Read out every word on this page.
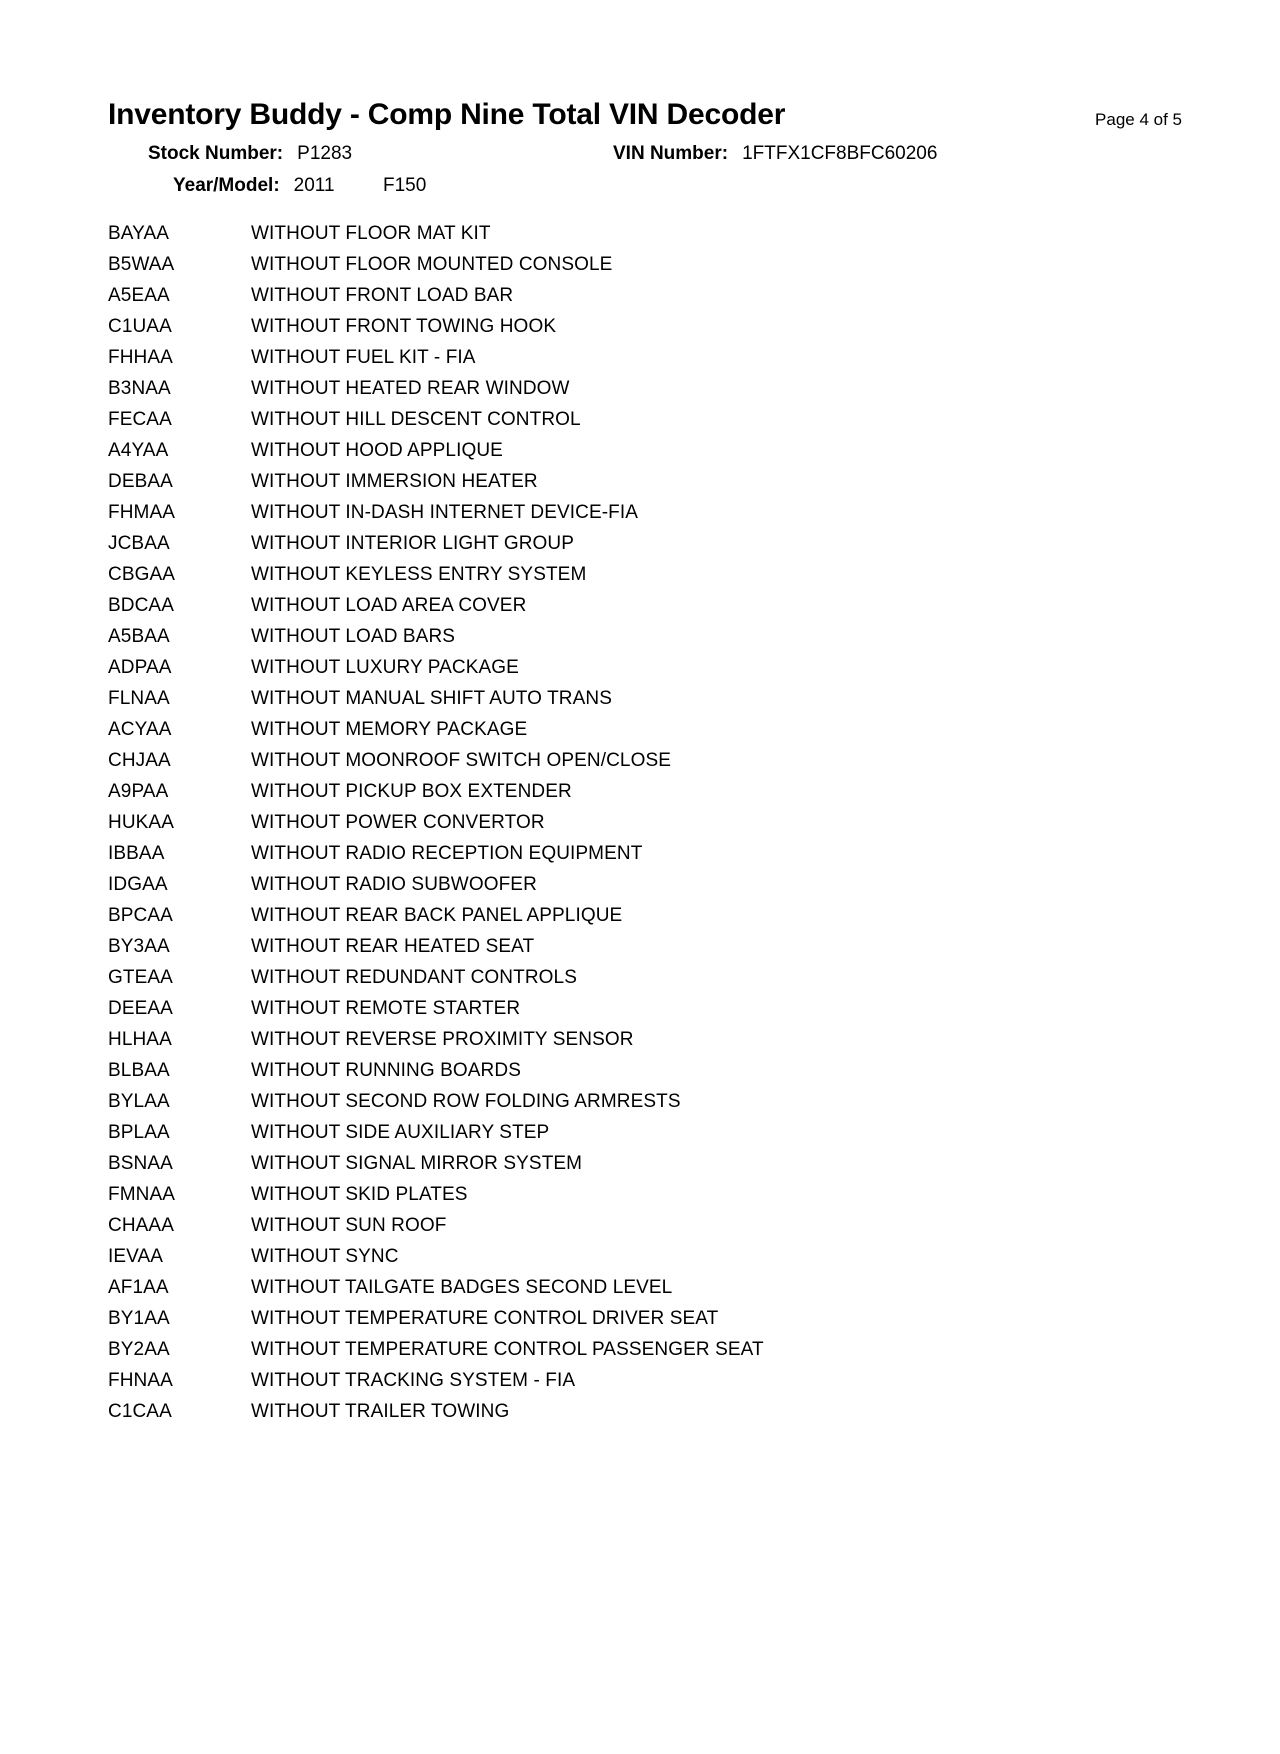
Inventory Buddy - Comp Nine Total VIN Decoder	Page 4 of 5
Stock Number: P1283	VIN Number: 1FTFX1CF8BFC60206
Year/Model: 2011	F150
BAYAA	WITHOUT FLOOR MAT KIT
B5WAA	WITHOUT FLOOR MOUNTED CONSOLE
A5EAA	WITHOUT FRONT LOAD BAR
C1UAA	WITHOUT FRONT TOWING HOOK
FHHAA	WITHOUT FUEL KIT - FIA
B3NAA	WITHOUT HEATED REAR WINDOW
FECAA	WITHOUT HILL DESCENT CONTROL
A4YAA	WITHOUT HOOD APPLIQUE
DEBAA	WITHOUT IMMERSION HEATER
FHMAA	WITHOUT IN-DASH INTERNET DEVICE-FIA
JCBAA	WITHOUT INTERIOR LIGHT GROUP
CBGAA	WITHOUT KEYLESS ENTRY SYSTEM
BDCAA	WITHOUT LOAD AREA COVER
A5BAA	WITHOUT LOAD BARS
ADPAA	WITHOUT LUXURY PACKAGE
FLNAA	WITHOUT MANUAL SHIFT AUTO TRANS
ACYAA	WITHOUT MEMORY PACKAGE
CHJAA	WITHOUT MOONROOF SWITCH OPEN/CLOSE
A9PAA	WITHOUT PICKUP BOX EXTENDER
HUKAA	WITHOUT POWER CONVERTOR
IBBAA	WITHOUT RADIO RECEPTION EQUIPMENT
IDGAA	WITHOUT RADIO SUBWOOFER
BPCAA	WITHOUT REAR BACK PANEL APPLIQUE
BY3AA	WITHOUT REAR HEATED SEAT
GTEAA	WITHOUT REDUNDANT CONTROLS
DEEAA	WITHOUT REMOTE STARTER
HLHAA	WITHOUT REVERSE PROXIMITY SENSOR
BLBAA	WITHOUT RUNNING BOARDS
BYLAA	WITHOUT SECOND ROW FOLDING ARMRESTS
BPLAA	WITHOUT SIDE AUXILIARY STEP
BSNAA	WITHOUT SIGNAL MIRROR SYSTEM
FMNAA	WITHOUT SKID PLATES
CHAAA	WITHOUT SUN ROOF
IEVAA	WITHOUT SYNC
AF1AA	WITHOUT TAILGATE BADGES SECOND LEVEL
BY1AA	WITHOUT TEMPERATURE CONTROL DRIVER SEAT
BY2AA	WITHOUT TEMPERATURE CONTROL PASSENGER SEAT
FHNAA	WITHOUT TRACKING SYSTEM - FIA
C1CAA	WITHOUT TRAILER TOWING
